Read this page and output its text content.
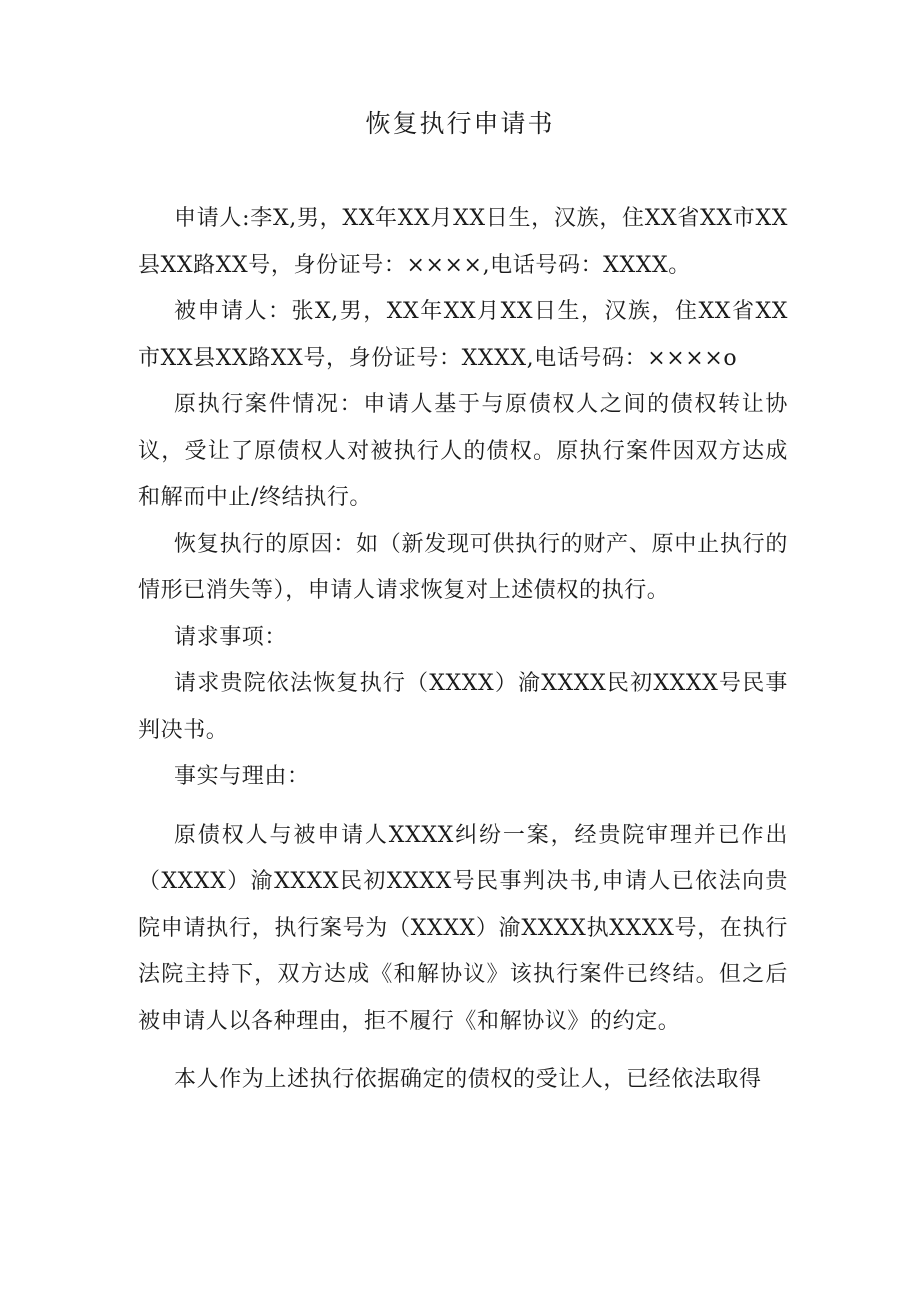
恢复执行申请书

申请人:李X,男，XX年XX月XX日生，汉族，住XX省XX市XX县XX路XX号，身份证号：××××,电话号码：XXXX。

被申请人：张X,男，XX年XX月XX日生，汉族，住XX省XX市XX县XX路XX号，身份证号：XXXX,电话号码：××××o

原执行案件情况：申请人基于与原债权人之间的债权转让协议，受让了原债权人对被执行人的债权。原执行案件因双方达成和解而中止/终结执行。

恢复执行的原因：如（新发现可供执行的财产、原中止执行的情形已消失等），申请人请求恢复对上述债权的执行。

请求事项：

请求贵院依法恢复执行（XXXX）渝XXXX民初XXXX号民事判决书。

事实与理由：

原债权人与被申请人XXXX纠纷一案，经贵院审理并已作出（XXXX）渝XXXX民初XXXX号民事判决书,申请人已依法向贵院申请执行，执行案号为（XXXX）渝XXXX执XXXX号，在执行法院主持下，双方达成《和解协议》该执行案件已终结。但之后被申请人以各种理由，拒不履行《和解协议》的约定。

本人作为上述执行依据确定的债权的受让人，已经依法取得
